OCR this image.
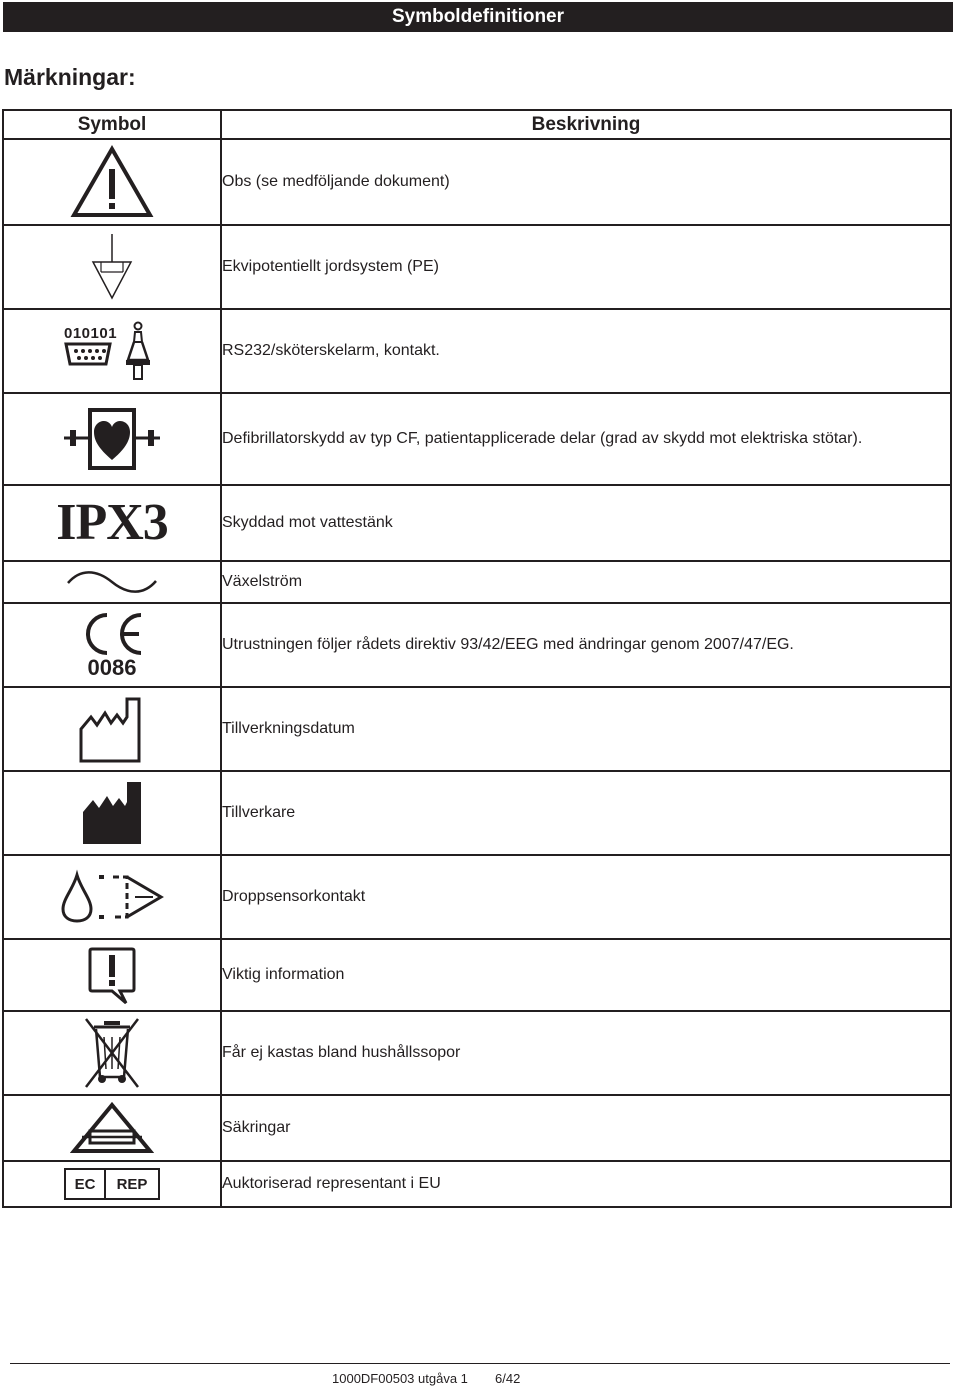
Symboldefinitioner
Märkningar:
Symbol	Beskrivning

	Obs (se medföljande dokument)

	Ekvipotentiellt jordsystem (PE)

010101	RS232/sköterskelarm, kontakt.

	Defibrillatorskydd av typ CF, patientapplicerade delar (grad av skydd mot elektriska stötar).
IPX3	Skyddad mot vattestänk

	Växelström

0086	Utrustningen följer rådets direktiv 93/42/EEG med ändringar genom 2007/47/EG.

	Tillverkningsdatum

	Tillverkare

	Droppsensorkontakt

	Viktig information

	Får ej kastas bland hushållssopor

	Säkringar

EC REP	Auktoriserad representant i EU
1000DF00503 utgåva 1 6/42
